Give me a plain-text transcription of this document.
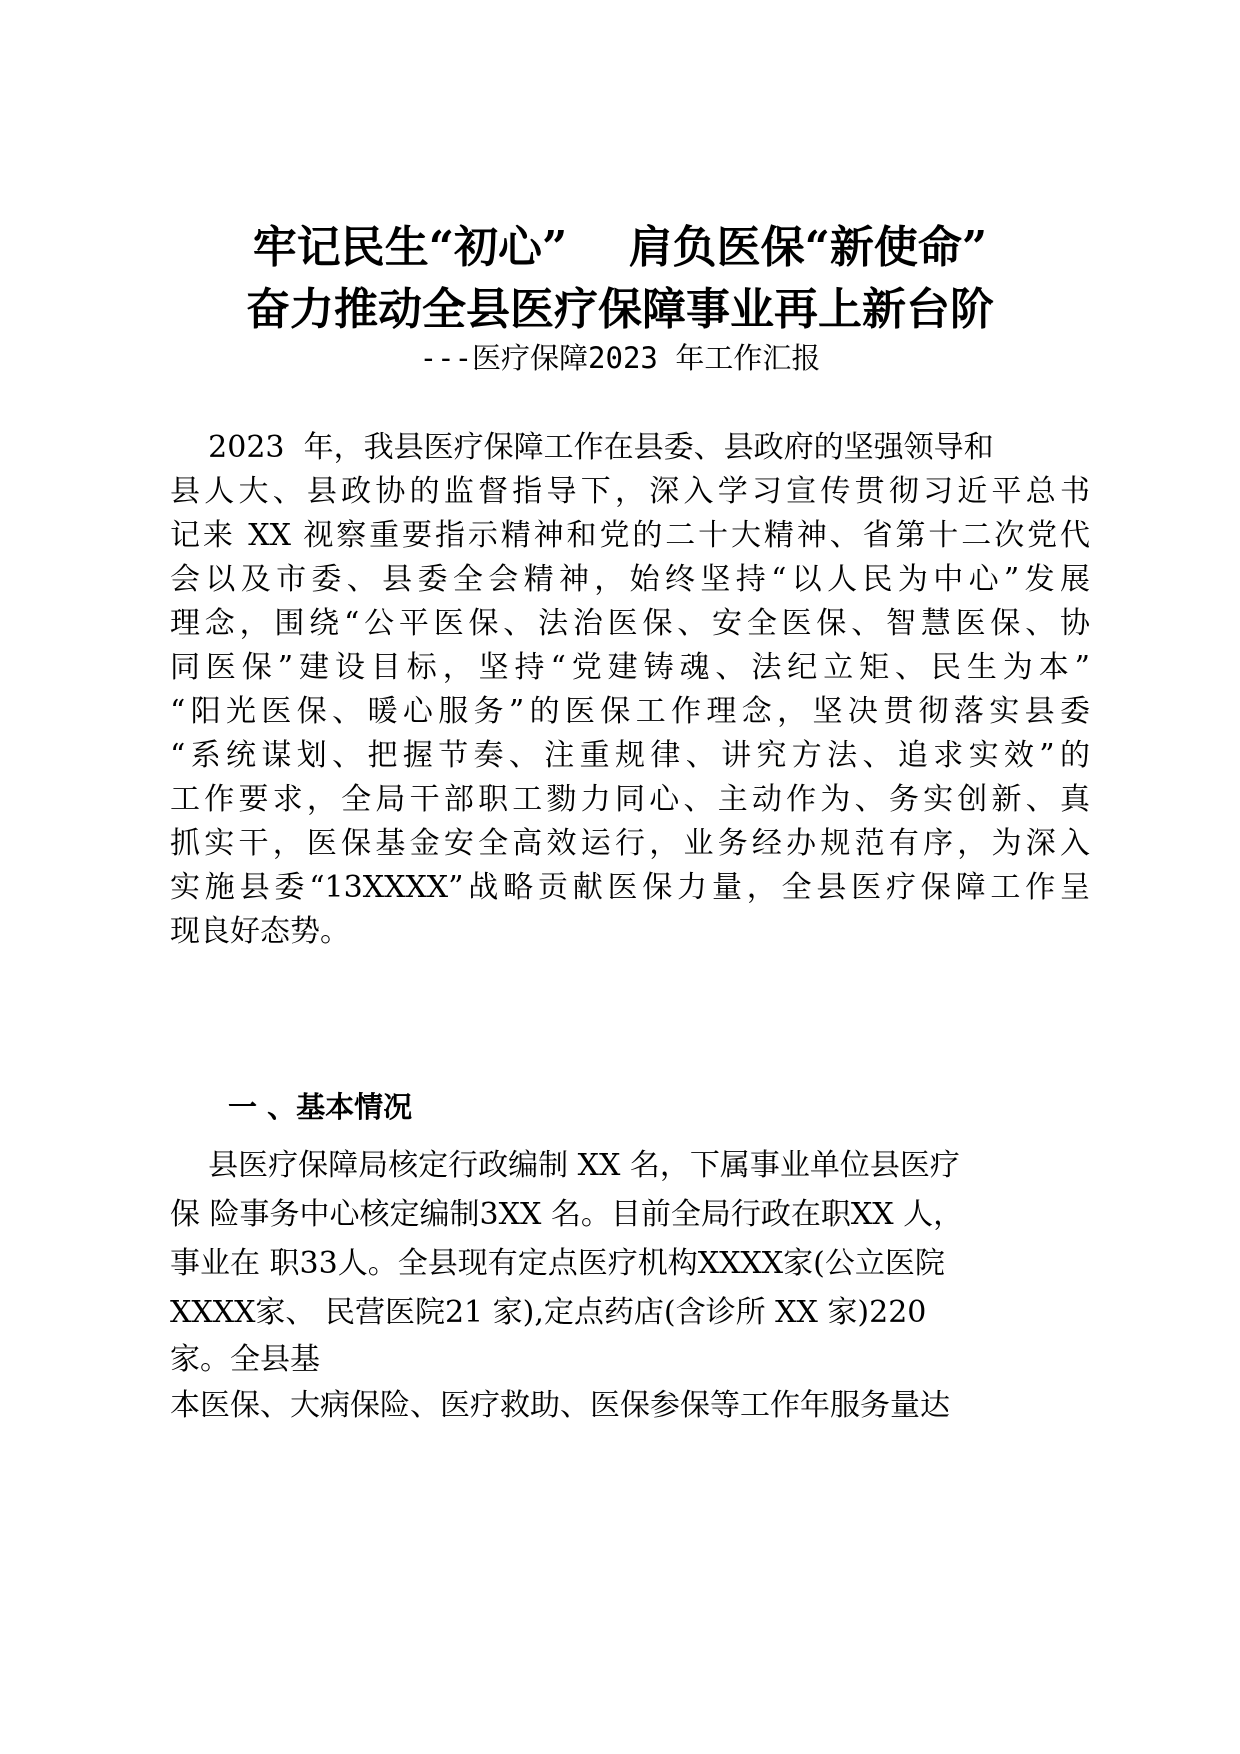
牢记民生“初心”    肩负医保“新使命”
奋力推动全县医疗保障事业再上新台阶
---医疗保障2023 年工作汇报
2023  年，我县医疗保障工作在县委、县政府的坚强领导和
县人大、县政协的监督指导下，深入学习宣传贯彻习近平总书
记来 XX 视察重要指示精神和党的二十大精神、省第十二次党代
会以及市委、县委全会精神，始终坚持“以人民为中心”发展
理念，围绕“公平医保、法治医保、安全医保、智慧医保、协
同医保”建设目标，坚持“党建铸魂、法纪立矩、民生为本”
“阳光医保、暖心服务”的医保工作理念，坚决贯彻落实县委
“系统谋划、把握节奏、注重规律、讲究方法、追求实效”的
工作要求，全局干部职工勠力同心、主动作为、务实创新、真
抓实干，医保基金安全高效运行，业务经办规范有序，为深入
实施县委“13XXXX”战略贡献医保力量，全县医疗保障工作呈
现良好态势。
一 、基本情况
县医疗保障局核定行政编制 XX 名，下属事业单位县医疗
保 险事务中心核定编制3XX 名。目前全局行政在职XX 人，
事业在 职33人。全县现有定点医疗机构XXXX家(公立医院
XXXX家、 民营医院21 家),定点药店(含诊所 XX 家)220
家。全县基
本医保、大病保险、医疗救助、医保参保等工作年服务量达
